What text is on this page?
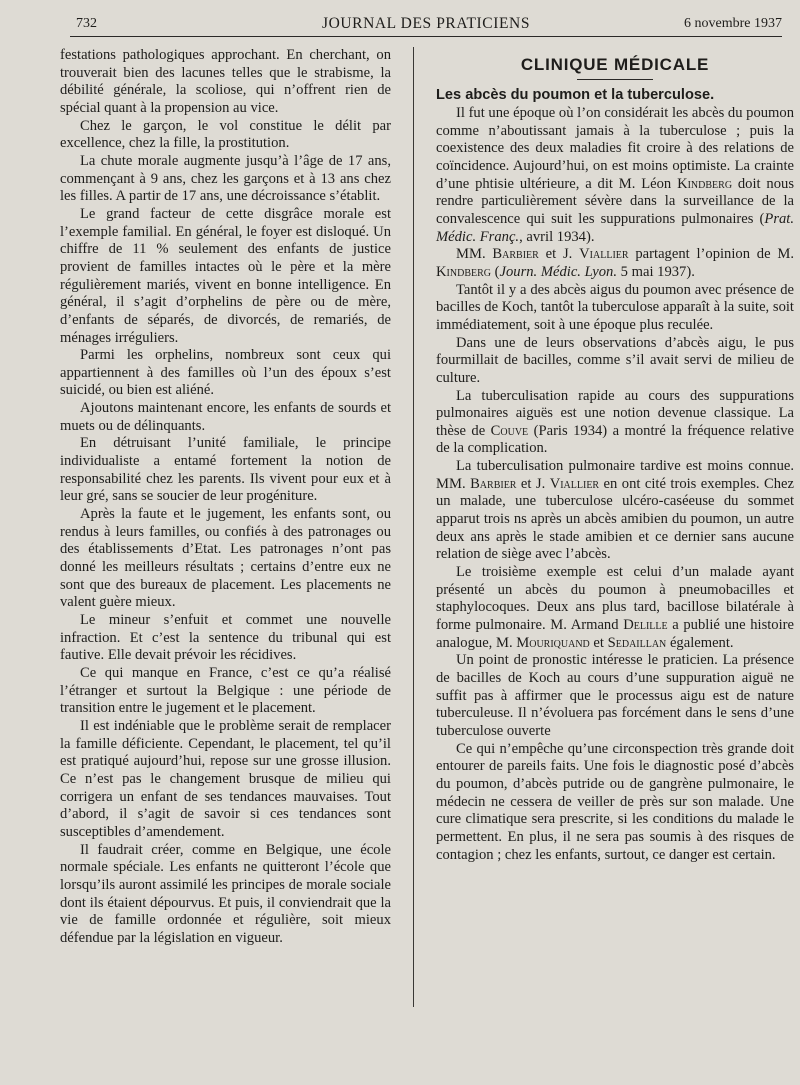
732	JOURNAL DES PRATICIENS	6 novembre 1937

festations pathologiques approchant. En cherchant, on trouverait bien des lacunes telles que le strabisme, la débilité générale, la scoliose, qui n’offrent rien de spécial quant à la propension au vice.

Chez le garçon, le vol constitue le délit par excellence, chez la fille, la prostitution.

La chute morale augmente jusqu’à l’âge de 17 ans, commençant à 9 ans, chez les garçons et à 13 ans chez les filles. A partir de 17 ans, une décroissance s’établit.

Le grand facteur de cette disgrâce morale est l’exemple familial. En général, le foyer est disloqué. Un chiffre de 11 % seulement des enfants de justice provient de familles intactes où le père et la mère régulièrement mariés, vivent en bonne intelligence. En général, il s’agit d’orphelins de père ou de mère, d’enfants de séparés, de divorcés, de remariés, de ménages irréguliers.

Parmi les orphelins, nombreux sont ceux qui appartiennent à des familles où l’un des époux s’est suicidé, ou bien est aliéné.

Ajoutons maintenant encore, les enfants de sourds et muets ou de délinquants.

En détruisant l’unité familiale, le principe individualiste a entamé fortement la notion de responsabilité chez les parents. Ils vivent pour eux et à leur gré, sans se soucier de leur progéniture.

Après la faute et le jugement, les enfants sont, ou rendus à leurs familles, ou confiés à des patronages ou des établissements d’Etat. Les patronages n’ont pas donné les meilleurs résultats ; certains d’entre eux ne sont que des bureaux de placement. Les placements ne valent guère mieux.

Le mineur s’enfuit et commet une nouvelle infraction. Et c’est la sentence du tribunal qui est fautive. Elle devait prévoir les récidives.

Ce qui manque en France, c’est ce qu’a réalisé l’étranger et surtout la Belgique : une période de transition entre le jugement et le placement.

Il est indéniable que le problème serait de remplacer la famille déficiente. Cependant, le placement, tel qu’il est pratiqué aujourd’hui, repose sur une grosse illusion. Ce n’est pas le changement brusque de milieu qui corrigera un enfant de ses tendances mauvaises. Tout d’abord, il s’agit de savoir si ces tendances sont susceptibles d’amendement.

Il faudrait créer, comme en Belgique, une école normale spéciale. Les enfants ne quitteront l’école que lorsqu’ils auront assimilé les principes de morale sociale dont ils étaient dépourvus. Et puis, il conviendrait que la vie de famille ordonnée et régulière, soit mieux défendue par la législation en vigueur.

CLINIQUE MÉDICALE
Les abcès du poumon et la tuberculose.

Il fut une époque où l’on considérait les abcès du poumon comme n’aboutissant jamais à la tuberculose ; puis la coexistence des deux maladies fit croire à des relations de coïncidence. Aujourd’hui, on est moins optimiste. La crainte d’une phtisie ultérieure, a dit M. Léon Kindberg doit nous rendre particulièrement sévère dans la surveillance de la convalescence qui suit les suppurations pulmonaires (Prat. Médic. Franç., avril 1934).

MM. Barbier et J. Viallier partagent l’opinion de M. Kindberg (Journ. Médic. Lyon. 5 mai 1937).

Tantôt il y a des abcès aigus du poumon avec présence de bacilles de Koch, tantôt la tuberculose apparaît à la suite, soit immédiatement, soit à une époque plus reculée.

Dans une de leurs observations d’abcès aigu, le pus fourmillait de bacilles, comme s’il avait servi de milieu de culture.

La tuberculisation rapide au cours des suppurations pulmonaires aiguës est une notion devenue classique. La thèse de Couve (Paris 1934) a montré la fréquence relative de la complication.

La tuberculisation pulmonaire tardive est moins connue. MM. Barbier et J. Viallier en ont cité trois exemples. Chez un malade, une tuberculose ulcéro-caséeuse du sommet apparut trois ns après un abcès amibien du poumon, un autre deux ans après le stade amibien et ce dernier sans aucune relation de siège avec l’abcès.

Le troisième exemple est celui d’un malade ayant présenté un abcès du poumon à pneumobacilles et staphylocoques. Deux ans plus tard, bacillose bilatérale à forme pulmonaire. M. Armand Delille a publié une histoire analogue, M. Mouriquand et Sedaillan également.

Un point de pronostic intéresse le praticien. La présence de bacilles de Koch au cours d’une suppuration aiguë ne suffit pas à affirmer que le processus aigu est de nature tuberculeuse. Il n’évoluera pas forcément dans le sens d’une tuberculose ouverte

Ce qui n’empêche qu’une circonspection très grande doit entourer de pareils faits. Une fois le diagnostic posé d’abcès du poumon, d’abcès putride ou de gangrène pulmonaire, le médecin ne cessera de veiller de près sur son malade. Une cure climatique sera prescrite, si les conditions du malade le permettent. En plus, il ne sera pas soumis à des risques de contagion ; chez les enfants, surtout, ce danger est certain.
